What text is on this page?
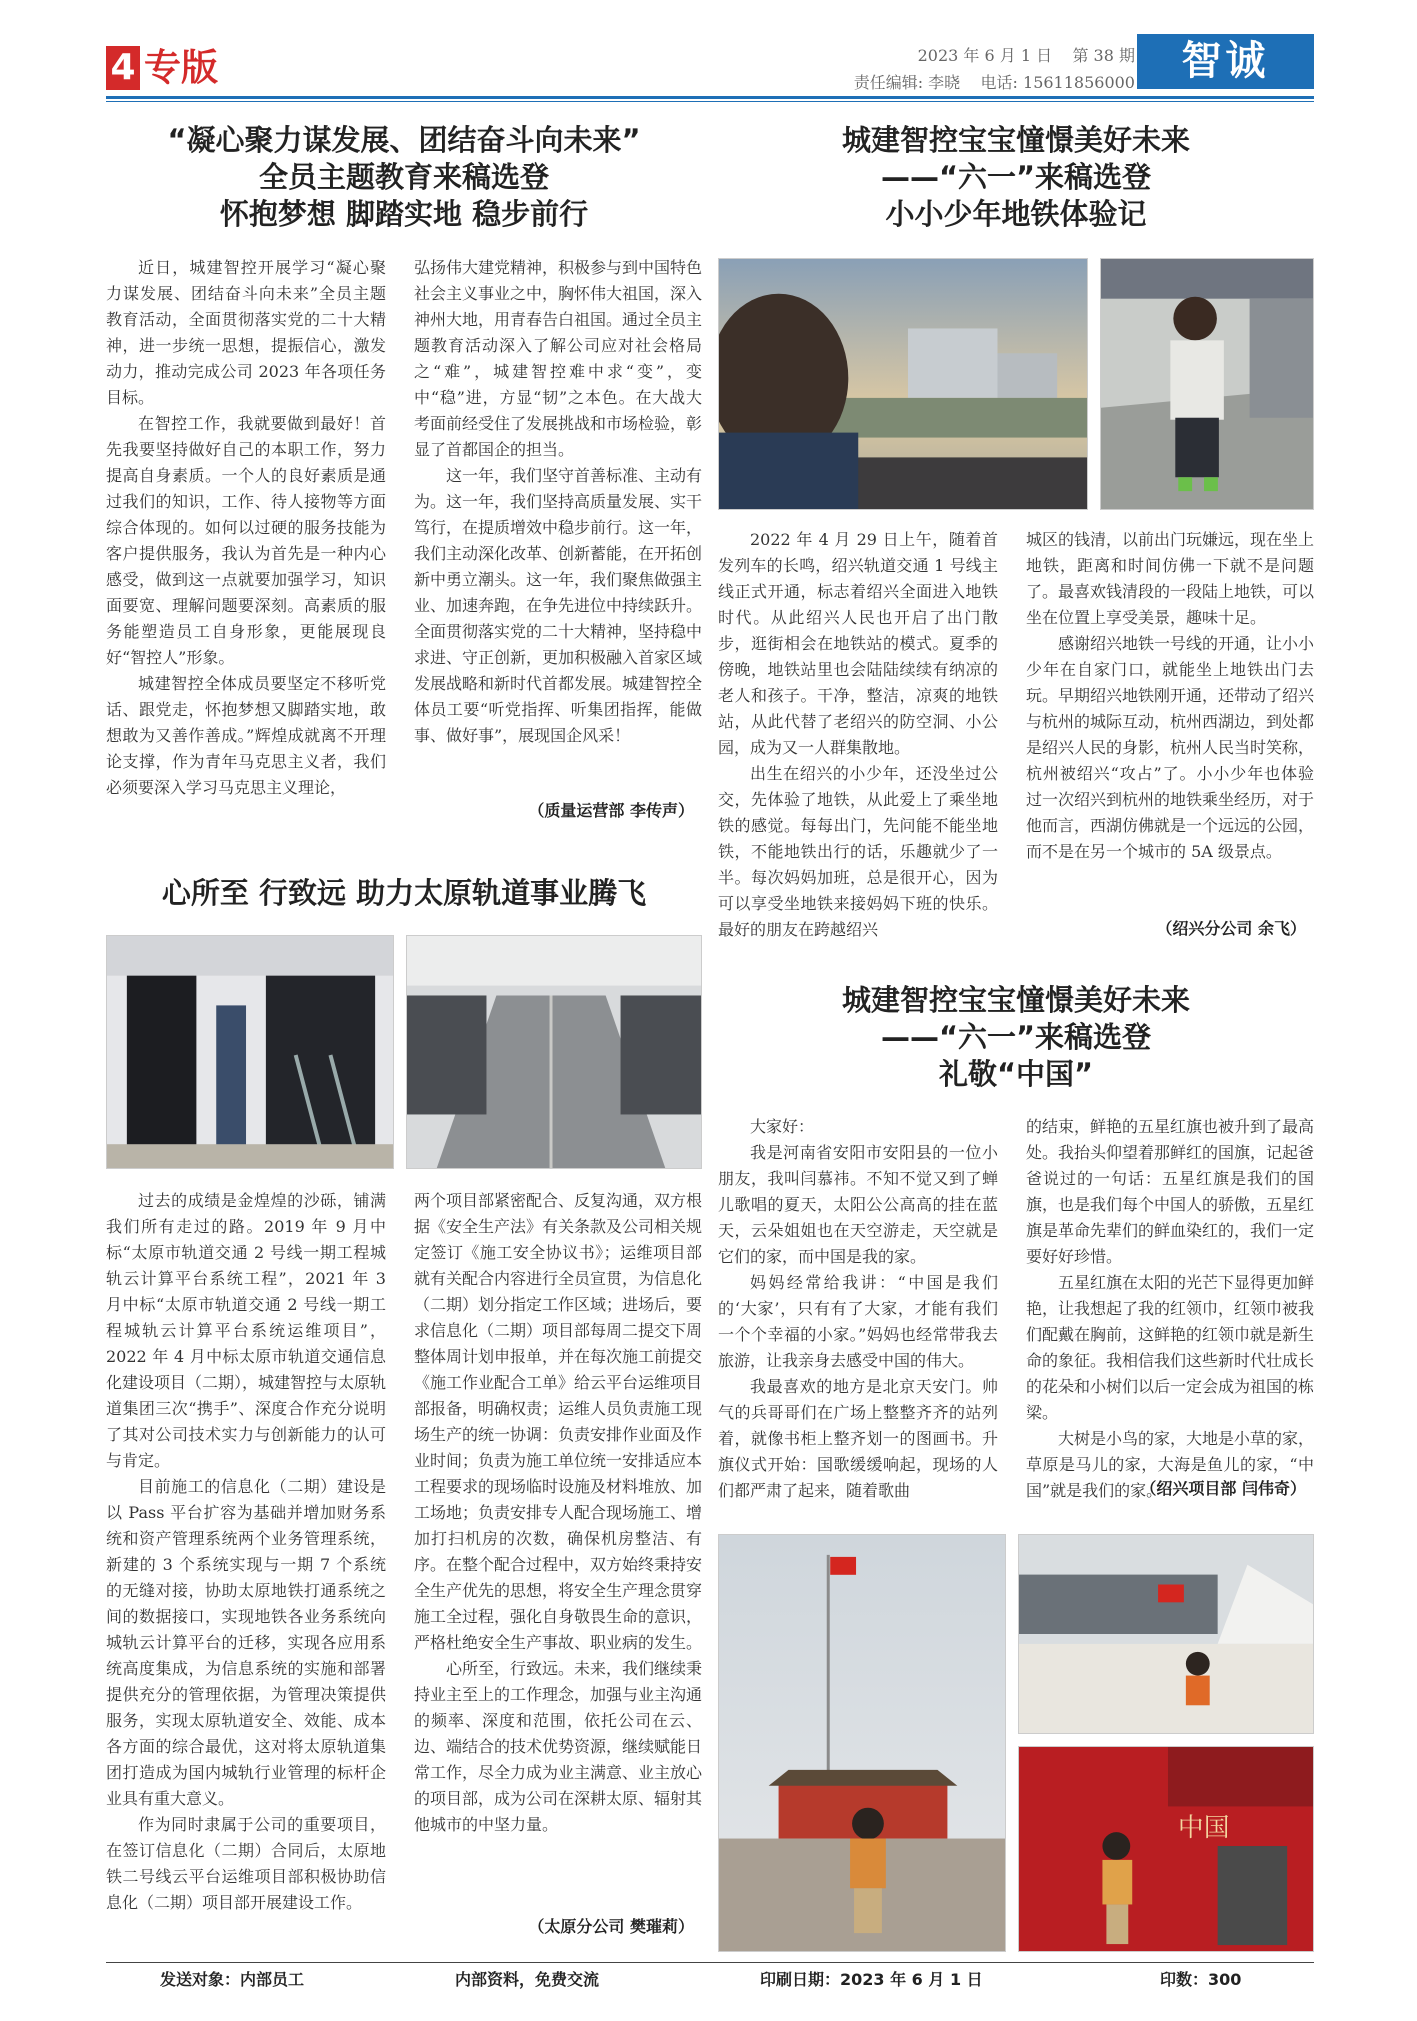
4 专版	2023 年 6 月 1 日 第 38 期
责任编辑: 李晓 电话: 15611856000	智诚
“凝心聚力谋发展、团结奋斗向未来”
全员主题教育来稿选登
怀抱梦想 脚踏实地 稳步前行

近日，城建智控开展学习“凝心聚力谋发展、团结奋斗向未来”全员主题教育活动，全面贯彻落实党的二十大精神，进一步统一思想，提振信心，激发动力，推动完成公司 2023 年各项任务目标。

在智控工作，我就要做到最好！首先我要坚持做好自己的本职工作，努力提高自身素质。一个人的良好素质是通过我们的知识，工作、待人接物等方面综合体现的。如何以过硬的服务技能为客户提供服务，我认为首先是一种内心感受，做到这一点就要加强学习，知识面要宽、理解问题要深刻。高素质的服务能塑造员工自身形象，更能展现良好“智控人”形象。

城建智控全体成员要坚定不移听党话、跟党走，怀抱梦想又脚踏实地，敢想敢为又善作善成。”辉煌成就离不开理论支撑，作为青年马克思主义者，我们必须要深入学习马克思主义理论，

弘扬伟大建党精神，积极参与到中国特色社会主义事业之中，胸怀伟大祖国，深入神州大地，用青春告白祖国。通过全员主题教育活动深入了解公司应对社会格局之“难”，城建智控难中求“变”，变中“稳”进，方显“韧”之本色。在大战大考面前经受住了发展挑战和市场检验，彰显了首都国企的担当。

这一年，我们坚守首善标准、主动有为。这一年，我们坚持高质量发展、实干笃行，在提质增效中稳步前行。这一年，我们主动深化改革、创新蓄能，在开拓创新中勇立潮头。这一年，我们聚焦做强主业、加速奔跑，在争先进位中持续跃升。全面贯彻落实党的二十大精神，坚持稳中求进、守正创新，更加积极融入首家区域发展战略和新时代首都发展。城建智控全体员工要“听党指挥、听集团指挥，能做事、做好事”，展现国企风采！

（质量运营部 李传声）
城建智控宝宝憧憬美好未来
——“六一”来稿选登
小小少年地铁体验记

2022 年 4 月 29 日上午，随着首发列车的长鸣，绍兴轨道交通 1 号线主线正式开通，标志着绍兴全面进入地铁时代。从此绍兴人民也开启了出门散步，逛街相会在地铁站的模式。夏季的傍晚，地铁站里也会陆陆续续有纳凉的老人和孩子。干净，整洁，凉爽的地铁站，从此代替了老绍兴的防空洞、小公园，成为又一人群集散地。

出生在绍兴的小少年，还没坐过公交，先体验了地铁，从此爱上了乘坐地铁的感觉。每每出门，先问能不能坐地铁，不能地铁出行的话，乐趣就少了一半。每次妈妈加班，总是很开心，因为可以享受坐地铁来接妈妈下班的快乐。最好的朋友在跨越绍兴

城区的钱清，以前出门玩嫌远，现在坐上地铁，距离和时间仿佛一下就不是问题了。最喜欢钱清段的一段陆上地铁，可以坐在位置上享受美景，趣味十足。

感谢绍兴地铁一号线的开通，让小小少年在自家门口，就能坐上地铁出门去玩。早期绍兴地铁刚开通，还带动了绍兴与杭州的城际互动，杭州西湖边，到处都是绍兴人民的身影，杭州人民当时笑称，杭州被绍兴“攻占”了。小小少年也体验过一次绍兴到杭州的地铁乘坐经历，对于他而言，西湖仿佛就是一个远远的公园，而不是在另一个城市的 5A 级景点。

（绍兴分公司 余飞）
心所至 行致远 助力太原轨道事业腾飞

过去的成绩是金煌煌的沙砾，铺满我们所有走过的路。2019 年 9 月中标“太原市轨道交通 2 号线一期工程城轨云计算平台系统工程”，2021 年 3 月中标“太原市轨道交通 2 号线一期工程城轨云计算平台系统运维项目”，2022 年 4 月中标太原市轨道交通信息化建设项目（二期），城建智控与太原轨道集团三次“携手”、深度合作充分说明了其对公司技术实力与创新能力的认可与肯定。

目前施工的信息化（二期）建设是以 Pass 平台扩容为基础并增加财务系统和资产管理系统两个业务管理系统，新建的 3 个系统实现与一期 7 个系统的无缝对接，协助太原地铁打通系统之间的数据接口，实现地铁各业务系统向城轨云计算平台的迁移，实现各应用系统高度集成，为信息系统的实施和部署提供充分的管理依据，为管理决策提供服务，实现太原轨道安全、效能、成本各方面的综合最优，这对将太原轨道集团打造成为国内城轨行业管理的标杆企业具有重大意义。

作为同时隶属于公司的重要项目，在签订信息化（二期）合同后，太原地铁二号线云平台运维项目部积极协助信息化（二期）项目部开展建设工作。

两个项目部紧密配合、反复沟通，双方根据《安全生产法》有关条款及公司相关规定签订《施工安全协议书》；运维项目部就有关配合内容进行全员宣贯，为信息化（二期）划分指定工作区域；进场后，要求信息化（二期）项目部每周二提交下周整体周计划申报单，并在每次施工前提交《施工作业配合工单》给云平台运维项目部报备，明确权责；运维人员负责施工现场生产的统一协调：负责安排作业面及作业时间；负责为施工单位统一安排适应本工程要求的现场临时设施及材料堆放、加工场地；负责安排专人配合现场施工、增加打扫机房的次数，确保机房整洁、有序。在整个配合过程中，双方始终秉持安全生产优先的思想，将安全生产理念贯穿施工全过程，强化自身敬畏生命的意识，严格杜绝安全生产事故、职业病的发生。

心所至，行致远。未来，我们继续秉持业主至上的工作理念，加强与业主沟通的频率、深度和范围，依托公司在云、边、端结合的技术优势资源，继续赋能日常工作，尽全力成为业主满意、业主放心的项目部，成为公司在深耕太原、辐射其他城市的中坚力量。

（太原分公司 樊璀莉）
城建智控宝宝憧憬美好未来
——“六一”来稿选登
礼敬“中国”

大家好：

我是河南省安阳市安阳县的一位小朋友，我叫闫慕祎。不知不觉又到了蝉儿歌唱的夏天，太阳公公高高的挂在蓝天，云朵姐姐也在天空游走，天空就是它们的家，而中国是我的家。

妈妈经常给我讲：“中国是我们的‘大家’，只有有了大家，才能有我们一个个幸福的小家。”妈妈也经常带我去旅游，让我亲身去感受中国的伟大。

我最喜欢的地方是北京天安门。帅气的兵哥哥们在广场上整整齐齐的站列着，就像书柜上整齐划一的图画书。升旗仪式开始：国歌缓缓响起，现场的人们都严肃了起来，随着歌曲

的结束，鲜艳的五星红旗也被升到了最高处。我抬头仰望着那鲜红的国旗，记起爸爸说过的一句话：五星红旗是我们的国旗，也是我们每个中国人的骄傲，五星红旗是革命先辈们的鲜血染红的，我们一定要好好珍惜。

五星红旗在太阳的光芒下显得更加鲜艳，让我想起了我的红领巾，红领巾被我们配戴在胸前，这鲜艳的红领巾就是新生命的象征。我相信我们这些新时代壮成长的花朵和小树们以后一定会成为祖国的栋梁。

大树是小鸟的家，大地是小草的家，草原是马儿的家，大海是鱼儿的家，“中国”就是我们的家。

（绍兴项目部 闫伟奇）
中国
发送对象：内部员工	内部资料，免费交流	印刷日期：2023 年 6 月 1 日	印数：300
